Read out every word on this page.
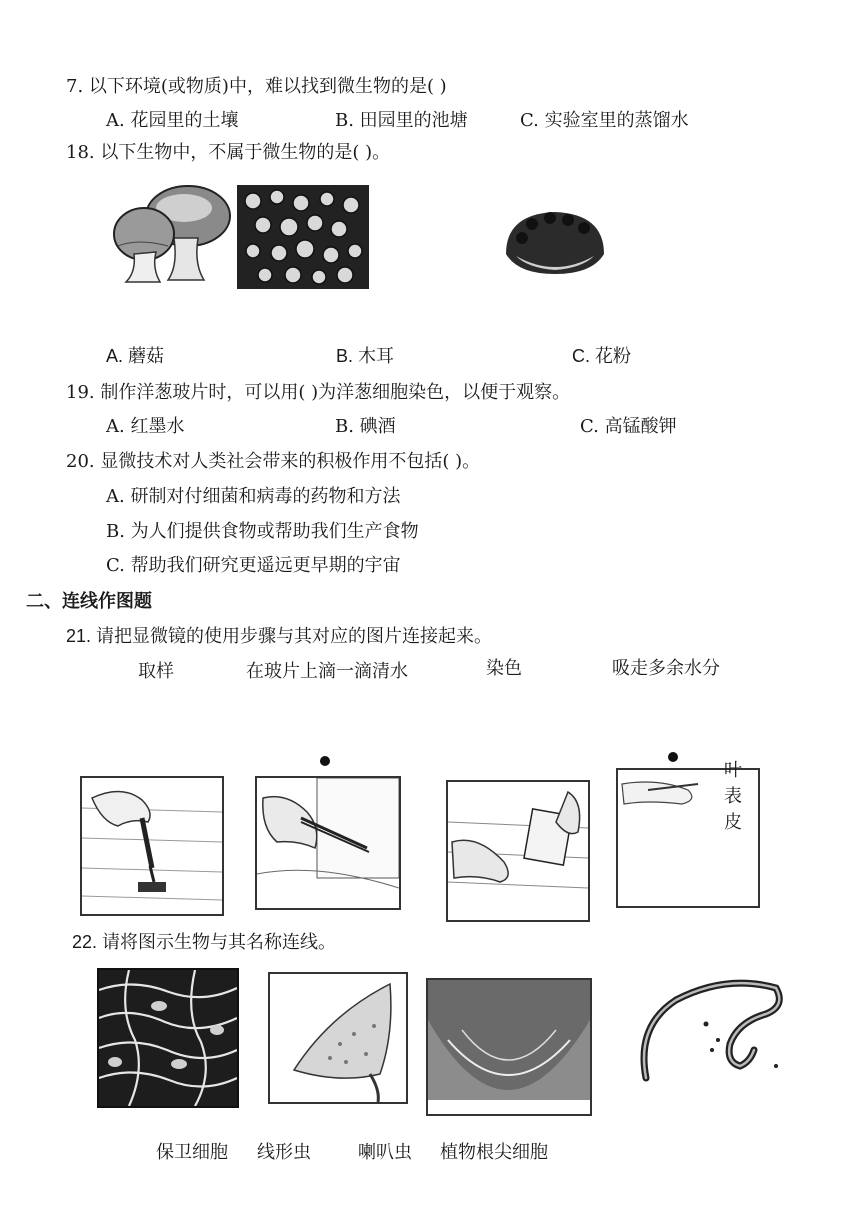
7. 以下环境(或物质)中，难以找到微生物的是( )
A. 花园里的土壤	B. 田园里的池塘	C. 实验室里的蒸馏水
18. 以下生物中，不属于微生物的是( )。
A. 蘑菇	B. 木耳	C. 花粉
19. 制作洋葱玻片时，可以用( )为洋葱细胞染色，以便于观察。
A. 红墨水	B. 碘酒	C. 高锰酸钾
20. 显微技术对人类社会带来的积极作用不包括( )。
A. 研制对付细菌和病毒的药物和方法
B. 为人们提供食物或帮助我们生产食物
C. 帮助我们研究更遥远更早期的宇宙
二、连线作图题
21. 请把显微镜的使用步骤与其对应的图片连接起来。
取样	在玻片上滴一滴清水	染色	吸走多余水分
叶
表
皮
22. 请将图示生物与其名称连线。
保卫细胞 线形虫	喇叭虫 植物根尖细胞
